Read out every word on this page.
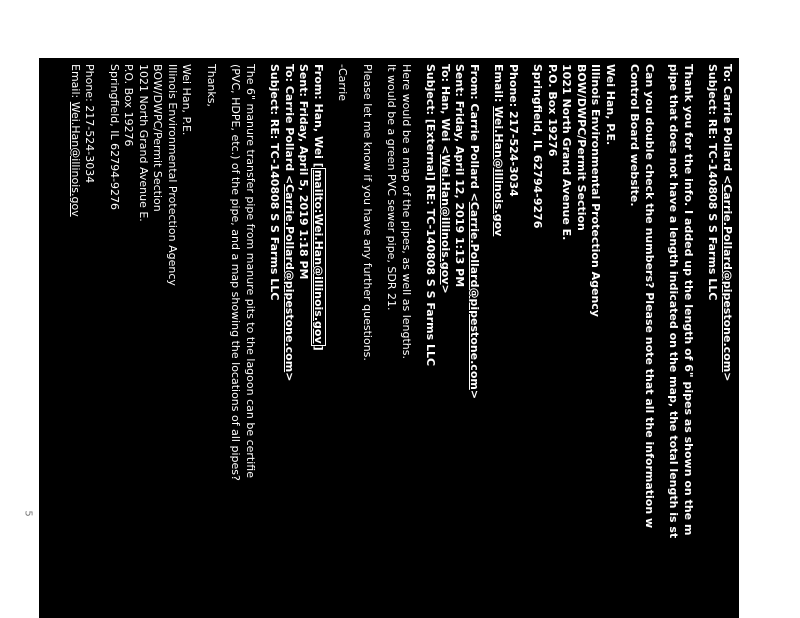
To: Carrie Pollard <Carrie.Pollard@pipestone.com>
Subject: RE: TC-140808 S S Farms LLC
Thank you for the info. I added up the length of 6" pipes as shown on the m
pipe that does not have a length indicated on the map, the total length is st
Can you double check the numbers? Please note that all the information w
Control Board website.
Wei Han, P.E.
Illinois Environmental Protection Agency
BOW/DWPC/Permit Section
1021 North Grand Avenue E.
P.O. Box 19276
Springfield, IL 62794-9276
Phone: 217-524-3034
Email: Wei.Han@illinois.gov
From: Carrie Pollard <Carrie.Pollard@pipestone.com>
Sent: Friday, April 12, 2019 1:13 PM
To: Han, Wei <Wei.Han@illinois.gov>
Subject: [External] RE: TC-140808 S S Farms LLC
Here would be a map of the pipes, as well as lengths.
It would be a green PVC sewer pipe, SDR 21.
Please let me know if you have any further questions.
-Carrie
From: Han, Wei [mailto:Wei.Han@illinois.gov]
Sent: Friday, April 5, 2019 1:18 PM
To: Carrie Pollard <Carrie.Pollard@pipestone.com>
Subject: RE: TC-140808 S S Farms LLC
The 6" manure transfer pipe from manure pits to the lagoon can be certifie
(PVC, HDPE, etc.) of the pipe, and a map showing the locations of all pipes?
Thanks,
Wei Han, P.E.
Illinois Environmental Protection Agency
BOW/DWPC/Permit Section
1021 North Grand Avenue E.
P.O. Box 19276
Springfield, IL 62794-9276
Phone: 217-524-3034
Email: Wei.Han@illinois.gov
5
